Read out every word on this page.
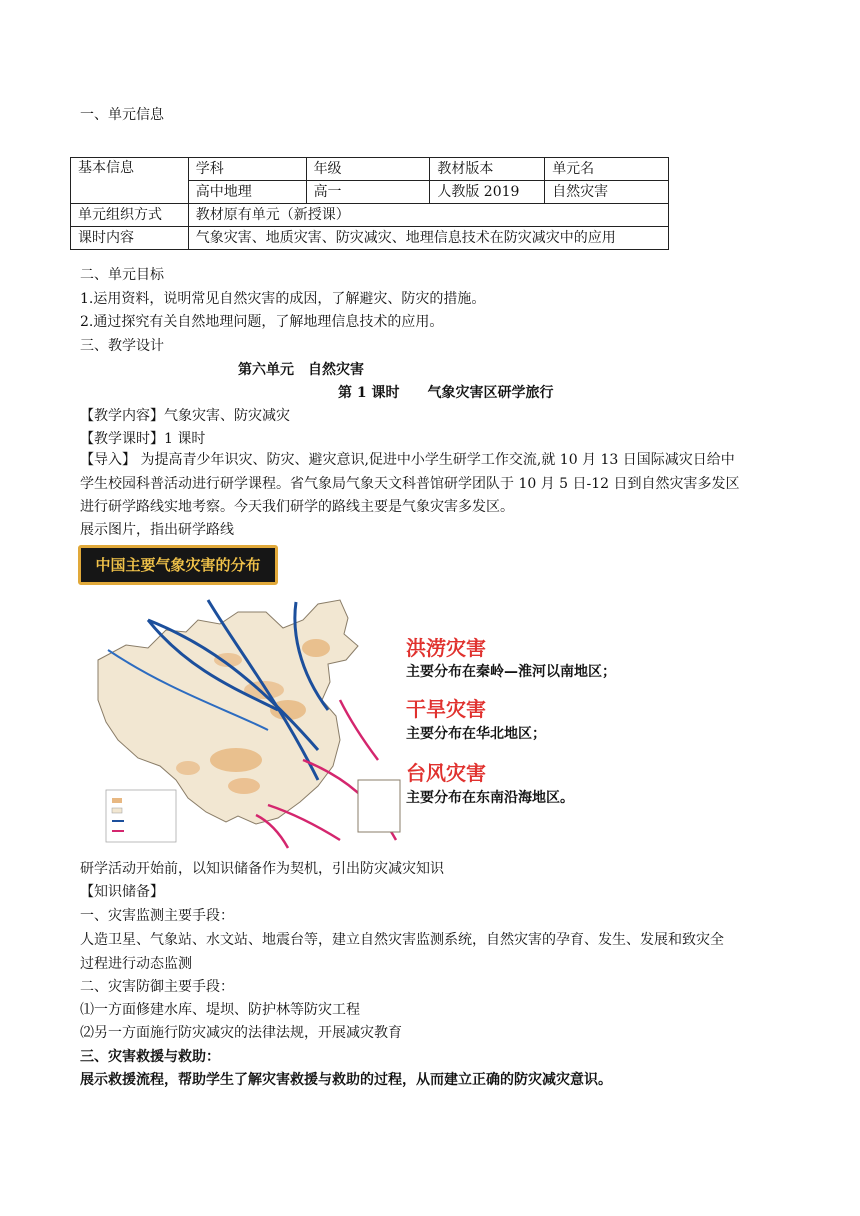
一、单元信息
基本信息	学科	年级	教材版本	单元名
	高中地理	高一	人教版 2019	自然灾害
单元组织方式	教材原有单元（新授课）			
课时内容	气象灾害、地质灾害、防灾减灾、地理信息技术在防灾减灾中的应用			
二、单元目标
1.运用资料，说明常见自然灾害的成因，了解避灾、防灾的措施。
2.通过探究有关自然地理问题，了解地理信息技术的应用。
三、教学设计
第六单元　自然灾害
第 1 课时　　气象灾害区研学旅行
【教学内容】气象灾害、防灾减灾
【教学课时】1 课时
【导入】 为提高青少年识灾、防灾、避灾意识,促进中小学生研学工作交流,就 10 月 13 日国际减灾日给中
学生校园科普活动进行研学课程。省气象局气象天文科普馆研学团队于 10 月 5 日-12 日到自然灾害多发区
进行研学路线实地考察。今天我们研学的路线主要是气象灾害多发区。
展示图片，指出研学路线
中国主要气象灾害的分布
洪涝灾害
主要分布在秦岭—淮河以南地区；
干旱灾害
主要分布在华北地区；
台风灾害
主要分布在东南沿海地区。
研学活动开始前，以知识储备作为契机，引出防灾减灾知识
【知识储备】
一、灾害监测主要手段：
人造卫星、气象站、水文站、地震台等，建立自然灾害监测系统，自然灾害的孕育、发生、发展和致灾全
过程进行动态监测
二、灾害防御主要手段：
⑴一方面修建水库、堤坝、防护林等防灾工程
⑵另一方面施行防灾减灾的法律法规，开展减灾教育
三、灾害救援与救助：
展示救援流程，帮助学生了解灾害救援与救助的过程，从而建立正确的防灾减灾意识。
